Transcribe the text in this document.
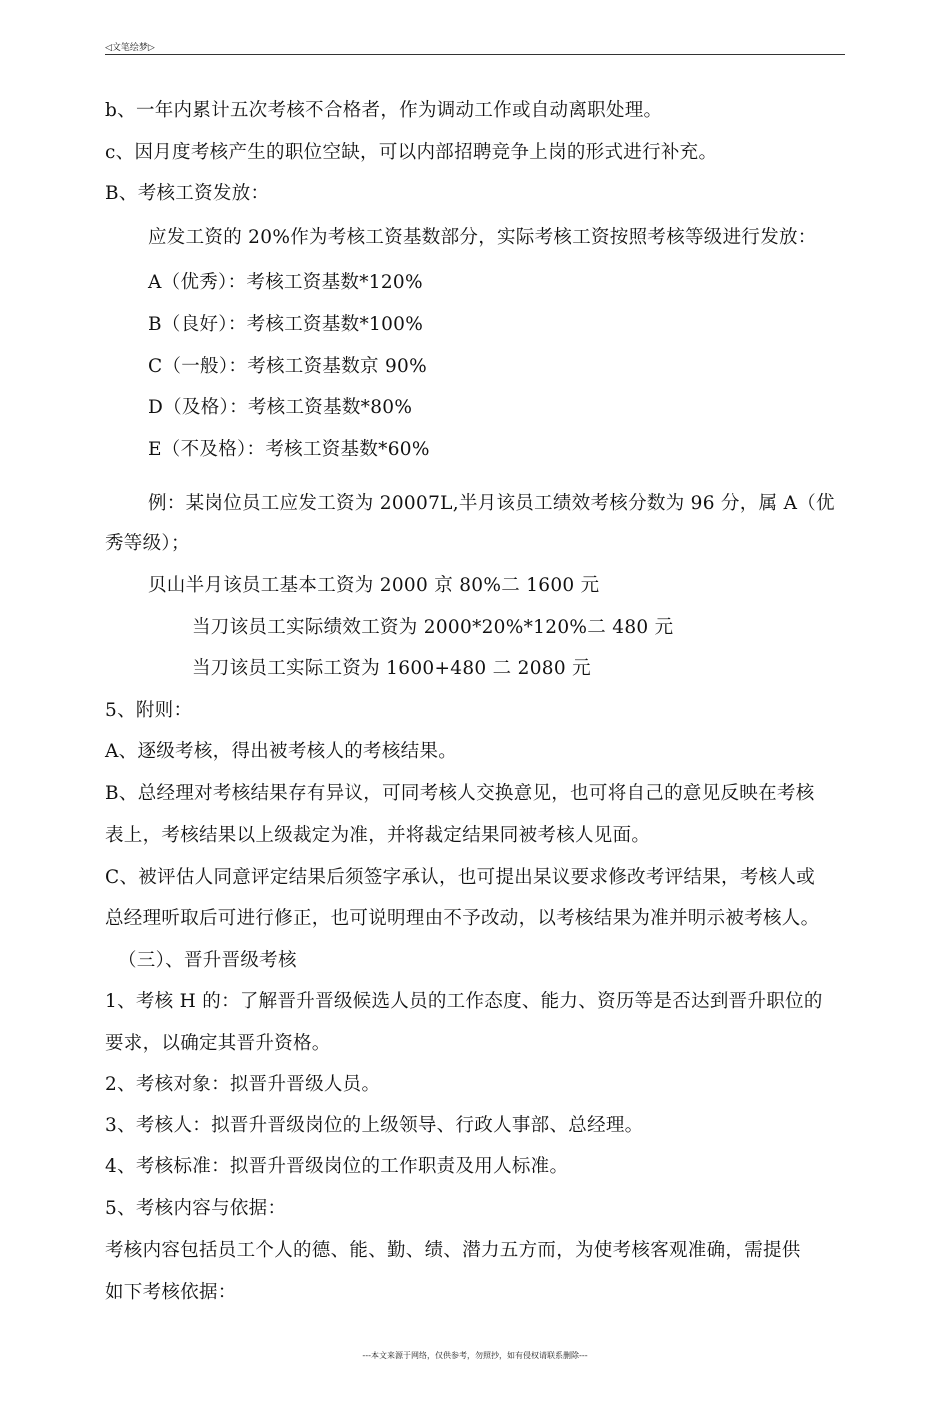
◁文笔绘梦▷
b、一年内累计五次考核不合格者，作为调动工作或自动离职处理。
c、因月度考核产生的职位空缺，可以内部招聘竞争上岗的形式进行补充。
B、考核工资发放：
应发工资的 20%作为考核工资基数部分，实际考核工资按照考核等级进行发放：
A（优秀）：考核工资基数*120%
B（良好）：考核工资基数*100%
C（一般）：考核工资基数京 90%
D（及格）：考核工资基数*80%
E（不及格）：考核工资基数*60%
例：某岗位员工应发工资为 20007L,半月该员工绩效考核分数为 96 分，属 A（优
秀等级）；
贝山半月该员工基本工资为 2000 京 80%二 1600 元
当刀该员工实际绩效工资为 2000*20%*120%二 480 元
当刀该员工实际工资为 1600+480 二 2080 元
5、附则：
A、逐级考核，得出被考核人的考核结果。
B、总经理对考核结果存有异议，可同考核人交换意见，也可将自己的意见反映在考核
表上，考核结果以上级裁定为准，并将裁定结果同被考核人见面。
C、被评估人同意评定结果后须签字承认，也可提出杲议要求修改考评结果，考核人或
总经理听取后可进行修正，也可说明理由不予改动，以考核结果为准并明示被考核人。
（三）、晋升晋级考核
1、考核 H 的：了解晋升晋级候选人员的工作态度、能力、资历等是否达到晋升职位的
要求，以确定其晋升资格。
2、考核对象：拟晋升晋级人员。
3、考核人：拟晋升晋级岗位的上级领导、行政人事部、总经理。
4、考核标准：拟晋升晋级岗位的工作职责及用人标准。
5、考核内容与依据：
考核内容包括员工个人的德、能、勤、绩、潜力五方而，为使考核客观准确，需提供
如下考核依据：
---本文来源于网络，仅供参考，勿照抄，如有侵权请联系删除---
